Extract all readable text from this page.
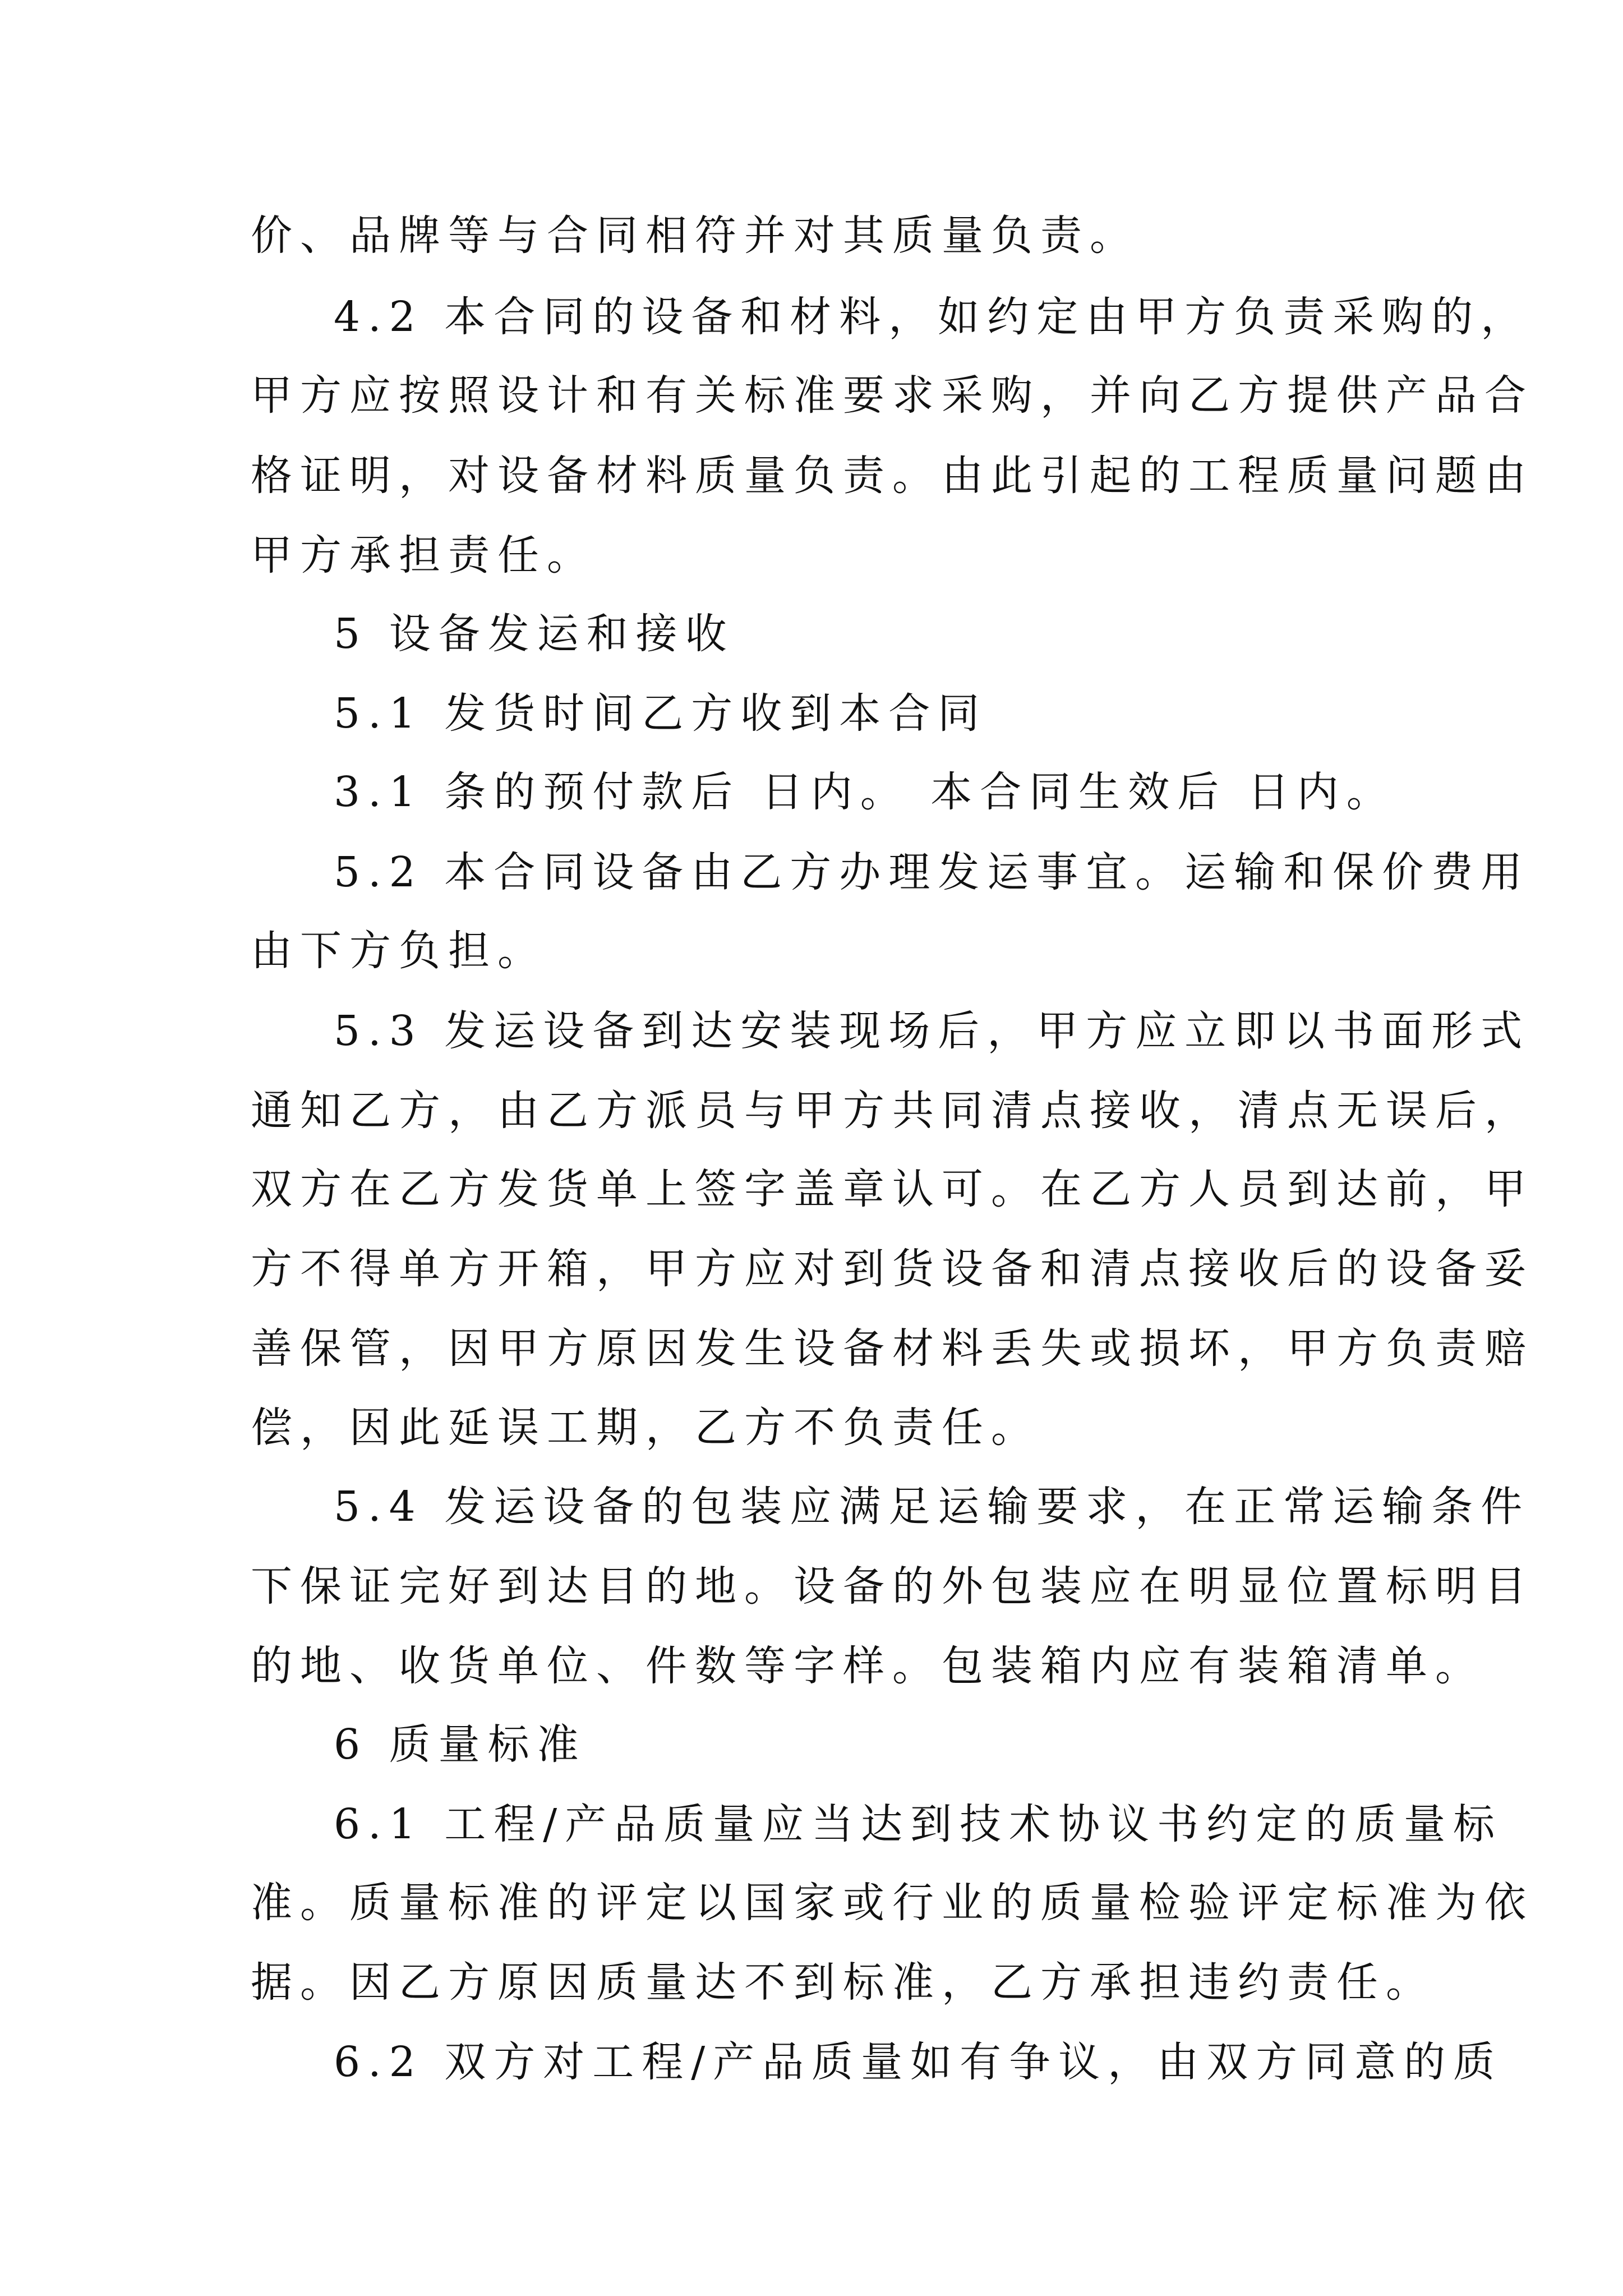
价、品牌等与合同相符并对其质量负责。
4.2 本合同的设备和材料，如约定由甲方负责采购的，
甲方应按照设计和有关标准要求采购，并向乙方提供产品合
格证明，对设备材料质量负责。由此引起的工程质量问题由
甲方承担责任。
5 设备发运和接收
5.1 发货时间乙方收到本合同
3.1 条的预付款后 日内。 本合同生效后 日内。
5.2 本合同设备由乙方办理发运事宜。运输和保价费用
由下方负担。
5.3 发运设备到达安装现场后，甲方应立即以书面形式
通知乙方，由乙方派员与甲方共同清点接收，清点无误后，
双方在乙方发货单上签字盖章认可。在乙方人员到达前，甲
方不得单方开箱，甲方应对到货设备和清点接收后的设备妥
善保管，因甲方原因发生设备材料丢失或损坏，甲方负责赔
偿，因此延误工期，乙方不负责任。
5.4 发运设备的包装应满足运输要求，在正常运输条件
下保证完好到达目的地。设备的外包装应在明显位置标明目
的地、收货单位、件数等字样。包装箱内应有装箱清单。
6 质量标准
6.1 工程/产品质量应当达到技术协议书约定的质量标
准。质量标准的评定以国家或行业的质量检验评定标准为依
据。因乙方原因质量达不到标准，乙方承担违约责任。
6.2 双方对工程/产品质量如有争议，由双方同意的质
